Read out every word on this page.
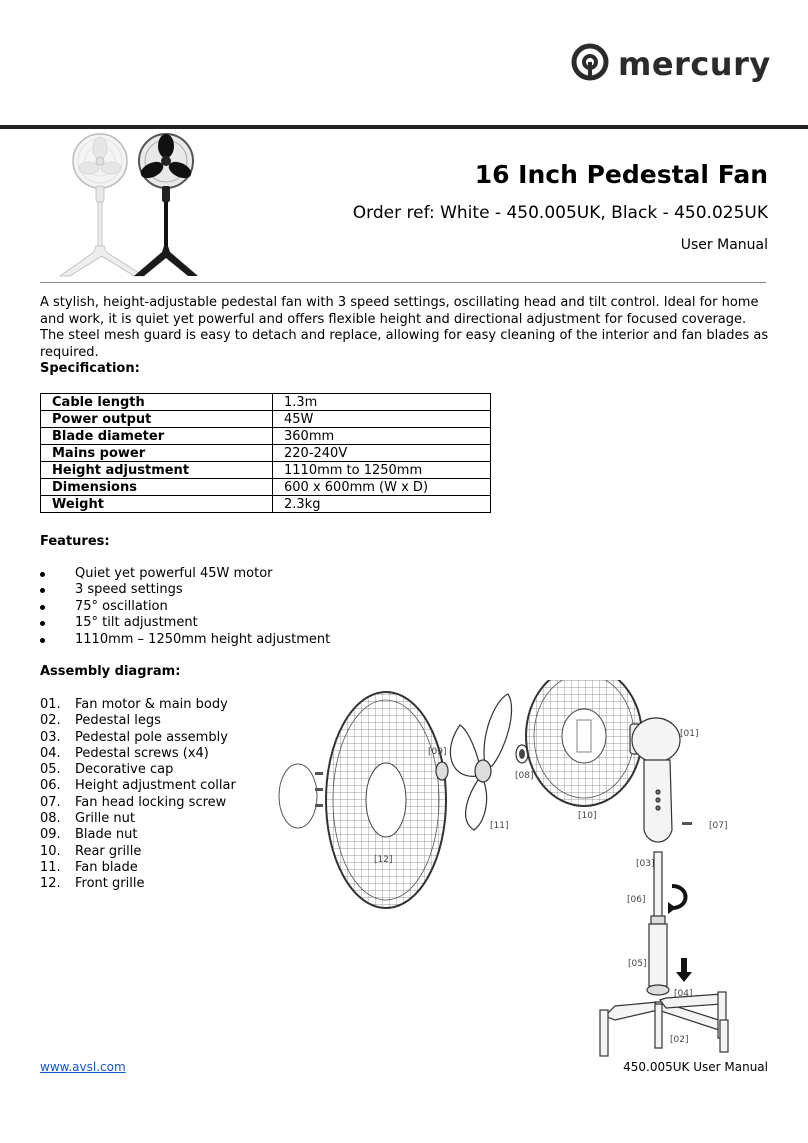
mercury
16 Inch Pedestal Fan
Order ref: White - 450.005UK, Black - 450.025UK
User Manual
A stylish, height-adjustable pedestal fan with 3 speed settings, oscillating head and tilt control. Ideal for home and work, it is quiet yet powerful and offers flexible height and directional adjustment for focused coverage. The steel mesh guard is easy to detach and replace, allowing for easy cleaning of the interior and fan blades as required.
Specification:
Cable length	1.3m
Power output	45W
Blade diameter	360mm
Mains power	220-240V
Height adjustment	1110mm to 1250mm
Dimensions	600 x 600mm (W x D)
Weight	2.3kg
Features:
Quiet yet powerful 45W motor
3 speed settings
75° oscillation
15° tilt adjustment
1110mm – 1250mm height adjustment
Assembly diagram:
01. Fan motor & main body
02. Pedestal legs
03. Pedestal pole assembly
04. Pedestal screws (x4)
05. Decorative cap
06. Height adjustment collar
07. Fan head locking screw
08. Grille nut
09. Blade nut
10. Rear grille
11. Fan blade
12. Front grille
[01]
[02]
[03]
[04]
[05]
[06]
[07]
[08]
[09]
[10]
[11]
[12]
www.avsl.com	450.005UK User Manual
